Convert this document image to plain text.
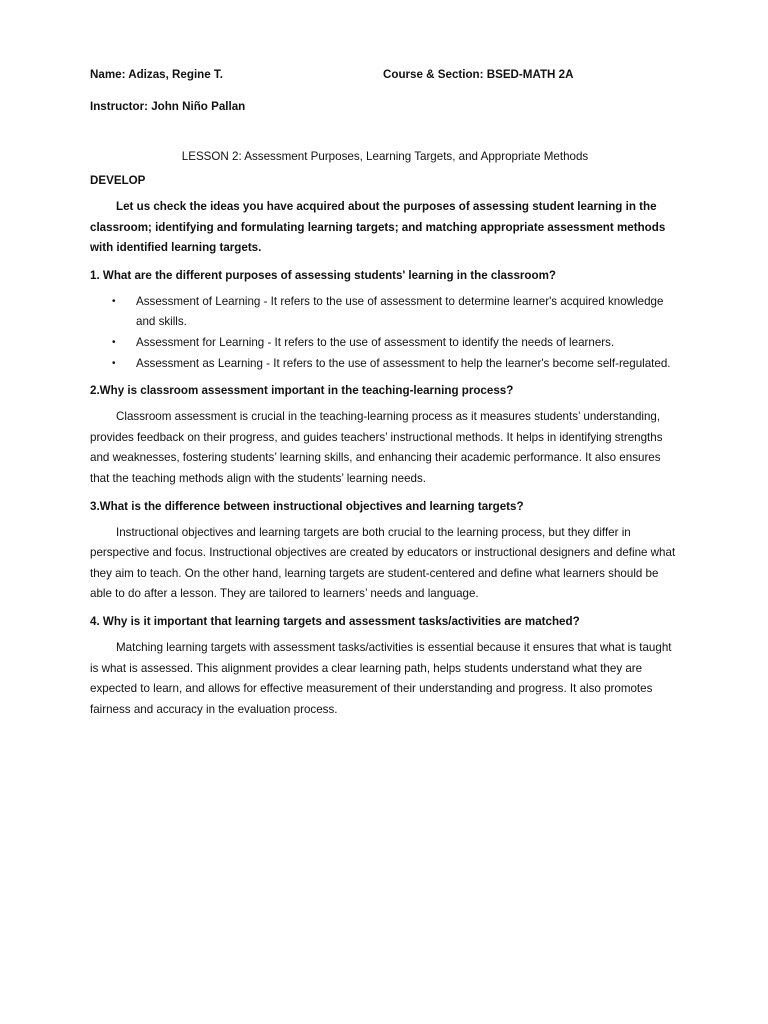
Name: Adizas, Regine T.	Course & Section: BSED-MATH 2A
Instructor: John Niño Pallan
LESSON 2: Assessment Purposes, Learning Targets, and Appropriate Methods
DEVELOP

Let us check the ideas you have acquired about the purposes of assessing student learning in the classroom; identifying and formulating learning targets; and matching appropriate assessment methods with identified learning targets.

1. What are the different purposes of assessing students' learning in the classroom?
• Assessment of Learning - It refers to the use of assessment to determine learner's acquired knowledge and skills.
• Assessment for Learning - It refers to the use of assessment to identify the needs of learners.
• Assessment as Learning - It refers to the use of assessment to help the learner's become self-regulated.
2.Why is classroom assessment important in the teaching-learning process?

Classroom assessment is crucial in the teaching-learning process as it measures students’ understanding, provides feedback on their progress, and guides teachers’ instructional methods. It helps in identifying strengths and weaknesses, fostering students’ learning skills, and enhancing their academic performance. It also ensures that the teaching methods align with the students’ learning needs.

3.What is the difference between instructional objectives and learning targets?

Instructional objectives and learning targets are both crucial to the learning process, but they differ in perspective and focus. Instructional objectives are created by educators or instructional designers and define what they aim to teach. On the other hand, learning targets are student-centered and define what learners should be able to do after a lesson. They are tailored to learners’ needs and language.

4. Why is it important that learning targets and assessment tasks/activities are matched?

Matching learning targets with assessment tasks/activities is essential because it ensures that what is taught is what is assessed. This alignment provides a clear learning path, helps students understand what they are expected to learn, and allows for effective measurement of their understanding and progress. It also promotes fairness and accuracy in the evaluation process.
